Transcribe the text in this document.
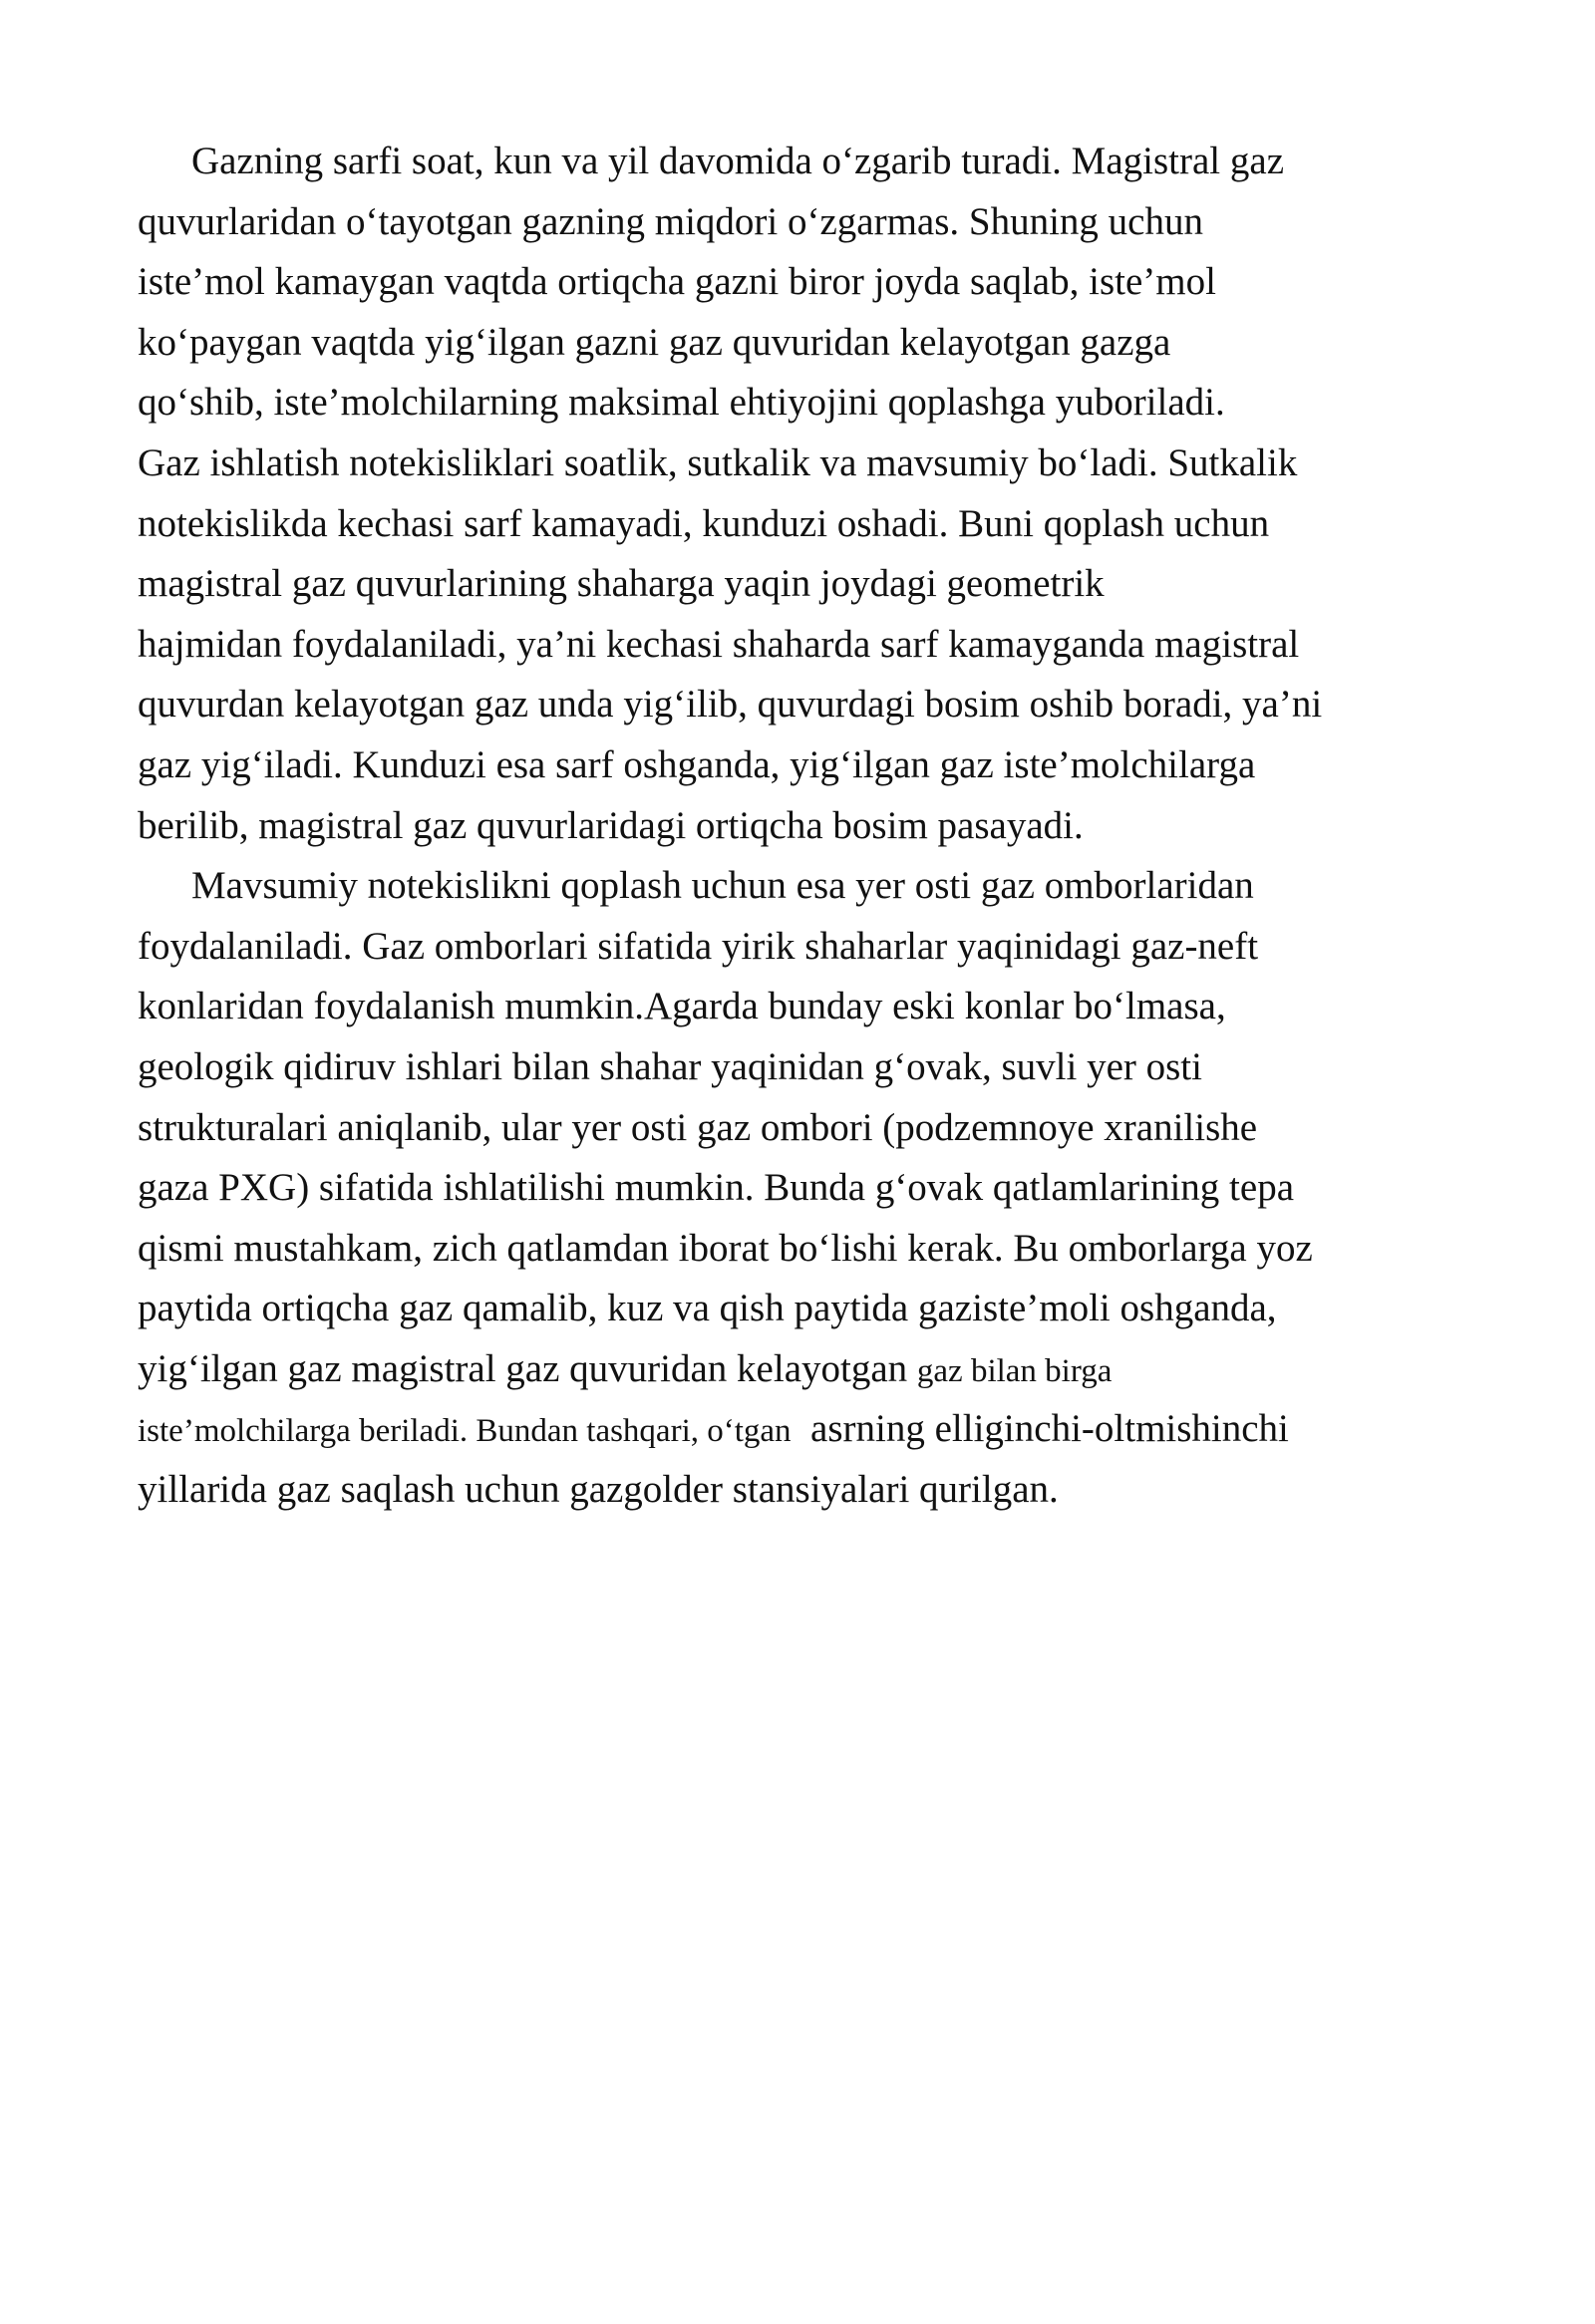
Gazning sarfi soat, kun va yil davomida o‘zgarib turadi. Magistral gaz
quvurlaridan o‘tayotgan gazning miqdori o‘zgarmas. Shuning uchun
iste’mol kamaygan vaqtda ortiqcha gazni biror joyda saqlab, iste’mol
ko‘paygan vaqtda yig‘ilgan gazni gaz quvuridan kelayotgan gazga
qo‘shib, iste’molchilarning maksimal ehtiyojini qoplashga yuboriladi.
Gaz ishlatish notekisliklari soatlik, sutkalik va mavsumiy bo‘ladi. Sutkalik
notekislikda kechasi sarf kamayadi, kunduzi oshadi. Buni qoplash uchun
magistral gaz quvurlarining shaharga yaqin joydagi geometrik
hajmidan foydalaniladi, ya’ni kechasi shaharda sarf kamayganda magistral
quvurdan kelayotgan gaz unda yig‘ilib, quvurdagi bosim oshib boradi, ya’ni
gaz yig‘iladi. Kunduzi esa sarf oshganda, yig‘ilgan gaz iste’molchilarga
berilib, magistral gaz quvurlaridagi ortiqcha bosim pasayadi.
Mavsumiy notekislikni qoplash uchun esa yer osti gaz omborlaridan
foydalaniladi. Gaz omborlari sifatida yirik shaharlar yaqinidagi gaz-neft
konlaridan foydalanish mumkin.Agarda bunday eski konlar bo‘lmasa,
geologik qidiruv ishlari bilan shahar yaqinidan g‘ovak, suvli yer osti
strukturalari aniqlanib, ular yer osti gaz ombori (podzemnoye xranilishe
gaza PXG) sifatida ishlatilishi mumkin. Bunda g‘ovak qatlamlarining tepa
qismi mustahkam, zich qatlamdan iborat bo‘lishi kerak. Bu omborlarga yoz
paytida ortiqcha gaz qamalib, kuz va qish paytida gaziste’moli oshganda,
yig‘ilgan gaz magistral gaz quvuridan kelayotgan gaz bilan birga
iste’molchilarga beriladi. Bundan tashqari, o‘tgan asrning elliginchi-oltmishinchi
yillarida gaz saqlash uchun gazgolder stansiyalari qurilgan.
